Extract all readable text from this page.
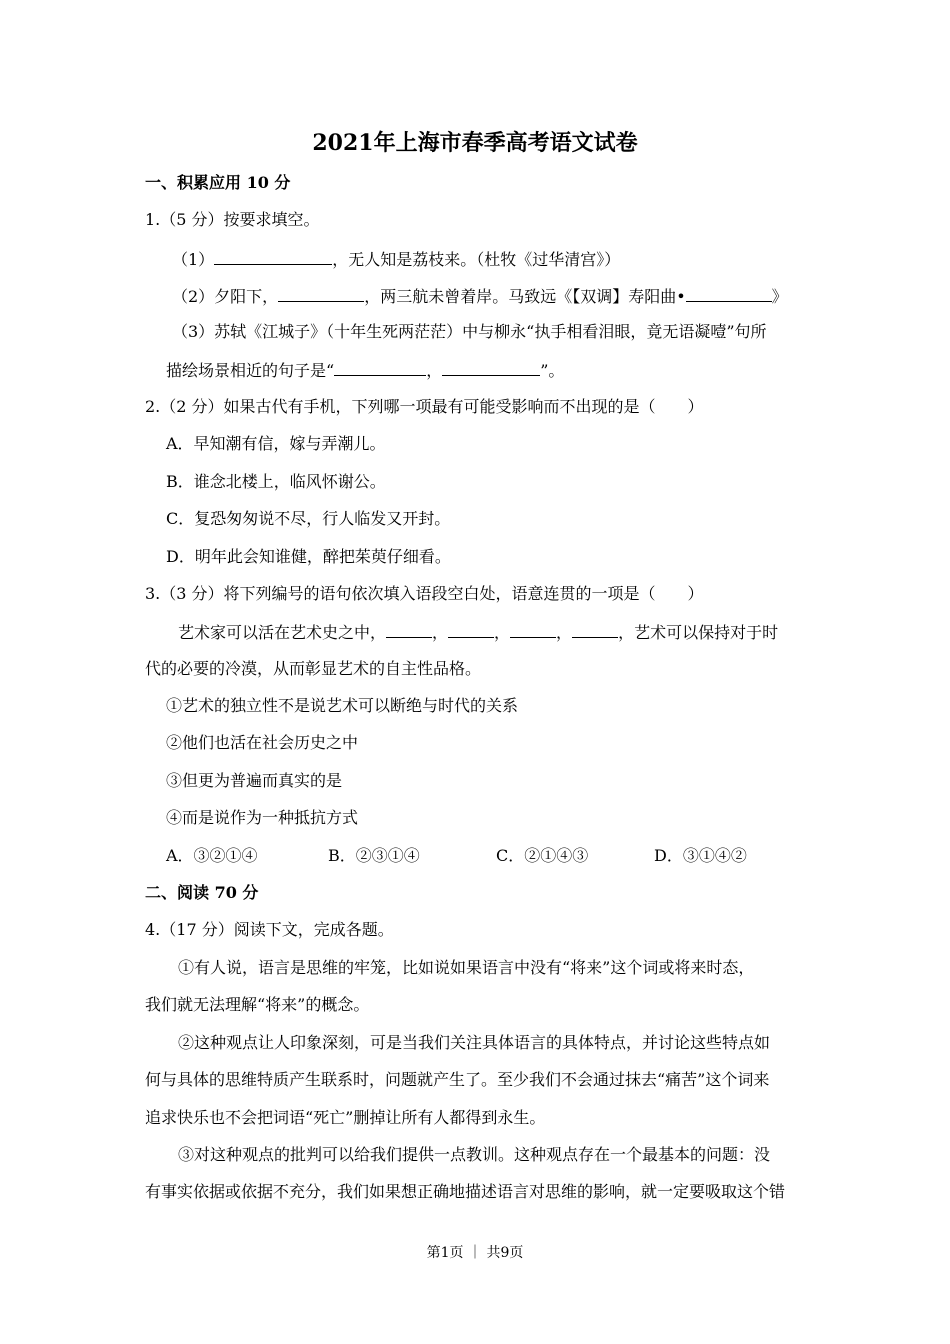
2021年上海市春季高考语文试卷
一、积累应用 10 分
1.（5 分）按要求填空。
（1）	，无人知是荔枝来。（杜牧《过华清宫》）
（2）夕阳下，	，两三航未曾着岸。马致远《【双调】寿阳曲•	》
（3）苏轼《江城子》（十年生死两茫茫）中与柳永“执手相看泪眼，竟无语凝噎”句所
描绘场景相近的句子是“	，	”。
2.（2 分）如果古代有手机，下列哪一项最有可能受影响而不出现的是（　　）
A．早知潮有信，嫁与弄潮儿。
B．谁念北楼上，临风怀谢公。
C．复恐匆匆说不尽，行人临发又开封。
D．明年此会知谁健，醉把茱萸仔细看。
3.（3 分）将下列编号的语句依次填入语段空白处，语意连贯的一项是（　　）
艺术家可以活在艺术史之中，	，	，	，	，艺术可以保持对于时
代的必要的冷漠，从而彰显艺术的自主性品格。
①艺术的独立性不是说艺术可以断绝与时代的关系
②他们也活在社会历史之中
③但更为普遍而真实的是
④而是说作为一种抵抗方式
A．③②①④	B．②③①④	C．②①④③	D．③①④②
二、阅读 70 分
4.（17 分）阅读下文，完成各题。
①有人说，语言是思维的牢笼，比如说如果语言中没有“将来”这个词或将来时态，
我们就无法理解“将来”的概念。
②这种观点让人印象深刻，可是当我们关注具体语言的具体特点，并讨论这些特点如
何与具体的思维特质产生联系时，问题就产生了。至少我们不会通过抹去“痛苦”这个词来
追求快乐也不会把词语“死亡”删掉让所有人都得到永生。
③对这种观点的批判可以给我们提供一点教训。这种观点存在一个最基本的问题：没
有事实依据或依据不充分，我们如果想正确地描述语言对思维的影响，就一定要吸取这个错
第1页 ｜ 共9页
